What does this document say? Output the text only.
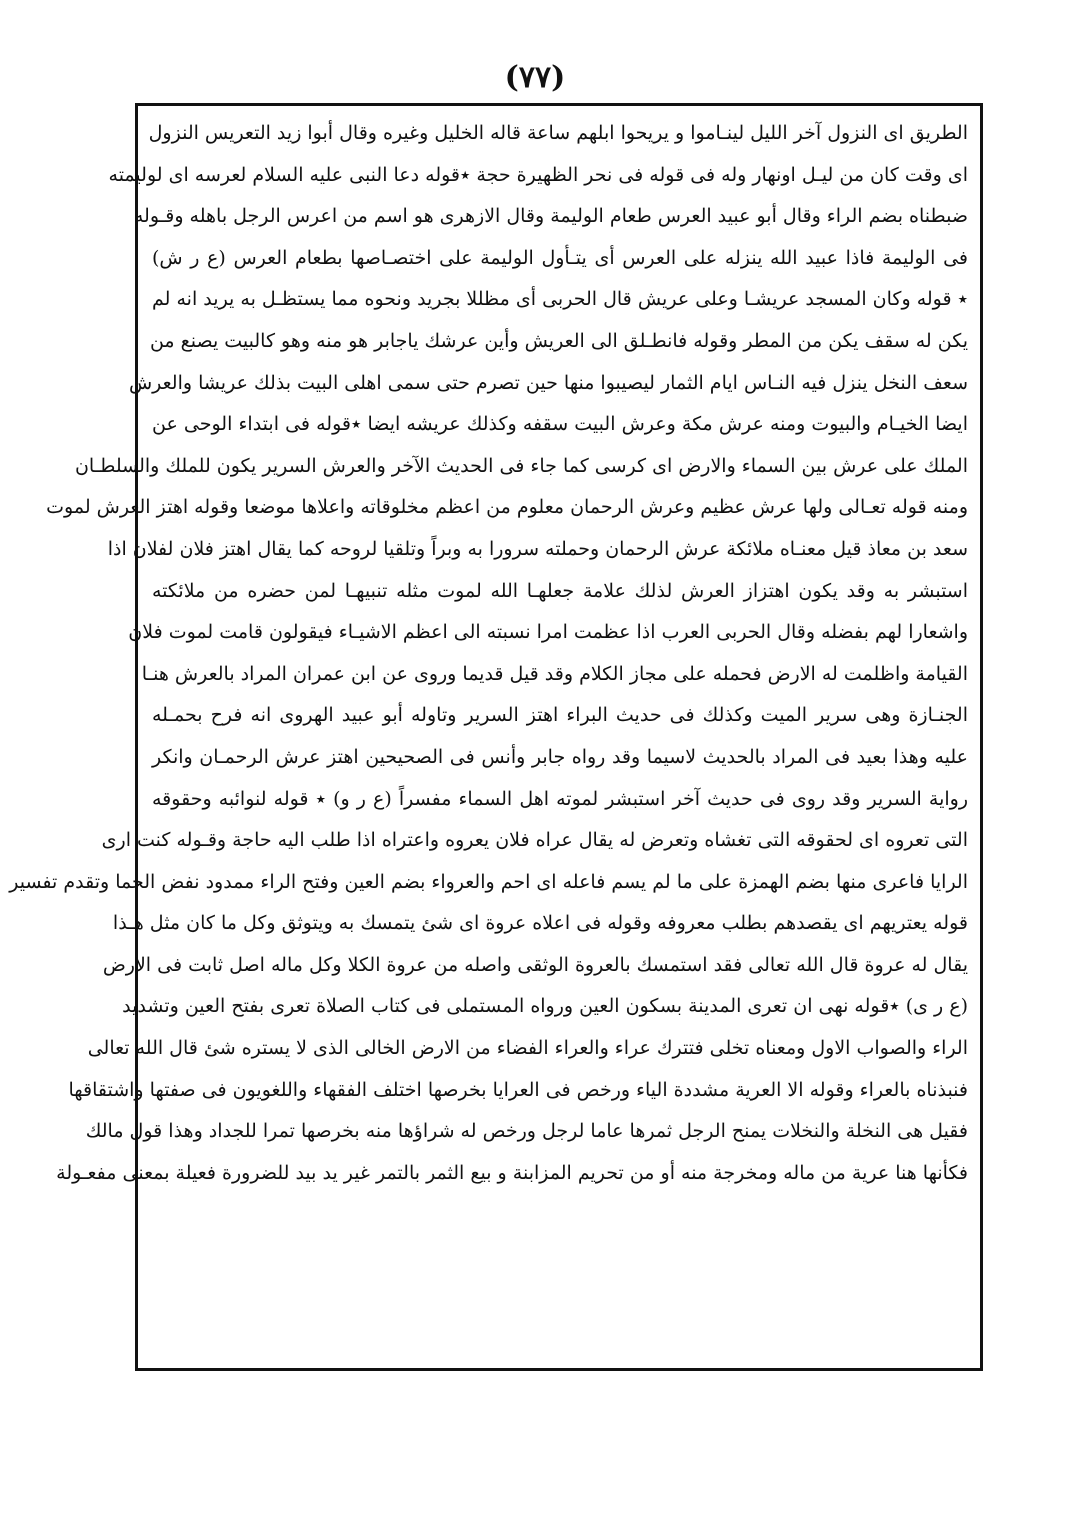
(٧٧)
الطريق اى النزول آخر الليل لينـاموا و يريحوا ابلهم ساعة قاله الخليل وغيره وقال أبوا زيد التعريس النزول
اى وقت كان من ليـل اونهار وله فى قوله فى نحر الظهيرة حجة ٭قوله دعا النبى عليه السلام لعرسه اى لوليمته
ضبطناه بضم الراء وقال أبو عبيد العرس طعام الوليمة وقال الازهرى هو اسم من اعرس الرجل باهله وقـوله
فى الوليمة فاذا عبيد الله ينزله على العرس أى يتـأول الوليمة على اختصـاصها بطعام العرس (ع ر ش)
٭ قوله وكان المسجد عريشـا وعلى عريش قال الحربى أى مظللا بجريد ونحوه مما يستظـل به يريد انه لم
يكن له سقف يكن من المطر وقوله فانطـلق الى العريش وأين عرشك ياجابر هو منه وهو كالبيت يصنع من
سعف النخل ينزل فيه النـاس ايام الثمار ليصيبوا منها حين تصرم حتى سمى اهلى البيت بذلك عريشا والعرش
ايضا الخيـام والبيوت ومنه عرش مكة وعرش البيت سقفه وكذلك عريشه ايضا ٭قوله فى ابتداء الوحى عن
الملك على عرش بين السماء والارض اى كرسى كما جاء فى الحديث الآخر والعرش السرير يكون للملك والسلطـان
ومنه قوله تعـالى ولها عرش عظيم وعرش الرحمان معلوم من اعظم مخلوقاته واعلاها موضعا وقوله اهتز العرش لموت
سعد بن معاذ قيل معنـاه ملائكة عرش الرحمان وحملته سرورا به وبراً وتلقيا لروحه كما يقال اهتز فلان لفلان اذا
استبشر به وقد يكون اهتزاز العرش لذلك علامة جعلهـا الله لموت مثله تنبيهـا لمن حضره من ملائكته
واشعارا لهم بفضله وقال الحربى العرب اذا عظمت امرا نسبته الى اعظم الاشيـاء فيقولون قامت لموت فلان
القيامة واظلمت له الارض فحمله على مجاز الكلام وقد قيل قديما وروى عن ابن عمران المراد بالعرش هنـا
الجنـازة وهى سرير الميت وكذلك فى حديث البراء اهتز السرير وتاوله أبو عبيد الهروى انه فرح بحمـله
عليه وهذا بعيد فى المراد بالحديث لاسيما وقد رواه جابر وأنس فى الصحيحين اهتز عرش الرحمـان وانكر
رواية السرير وقد روى فى حديث آخر استبشر لموته اهل السماء مفسراً (ع ر و) ٭ قوله لنوائبه وحقوقه
التى تعروه اى لحقوقه التى تغشاه وتعرض له يقال عراه فلان يعروه واعتراه اذا طلب اليه حاجة وقـوله كنت ارى
الرايا فاعرى منها بضم الهمزة على ما لم يسم فاعله اى احم والعرواء بضم العين وفتح الراء ممدود نفض الحما وتقدم تفسير
قوله يعتريهم اى يقصدهم بطلب معروفه وقوله فى اعلاه عروة اى شئ يتمسك به ويتوثق وكل ما كان مثل هـذا
يقال له عروة قال الله تعالى فقد استمسك بالعروة الوثقى واصله من عروة الكلا وكل ماله اصل ثابت فى الارض
(ع ر ى) ٭قوله نهى ان تعرى المدينة بسكون العين ورواه المستملى فى كتاب الصلاة تعرى بفتح العين وتشديد
الراء والصواب الاول ومعناه تخلى فتترك عراء والعراء الفضاء من الارض الخالى الذى لا يستره شئ قال الله تعالى
فنبذناه بالعراء وقوله الا العرية مشددة الياء ورخص فى العرايا بخرصها اختلف الفقهاء واللغويون فى صفتها واشتقاقها
فقيل هى النخلة والنخلات يمنح الرجل ثمرها عاما لرجل ورخص له شراؤها منه بخرصها تمرا للجداد وهذا قول مالك
فكأنها هنا عرية من ماله ومخرجة منه أو من تحريم المزابنة و بيع الثمر بالتمر غير يد بيد للضرورة فعيلة بمعنى مفعـولة
